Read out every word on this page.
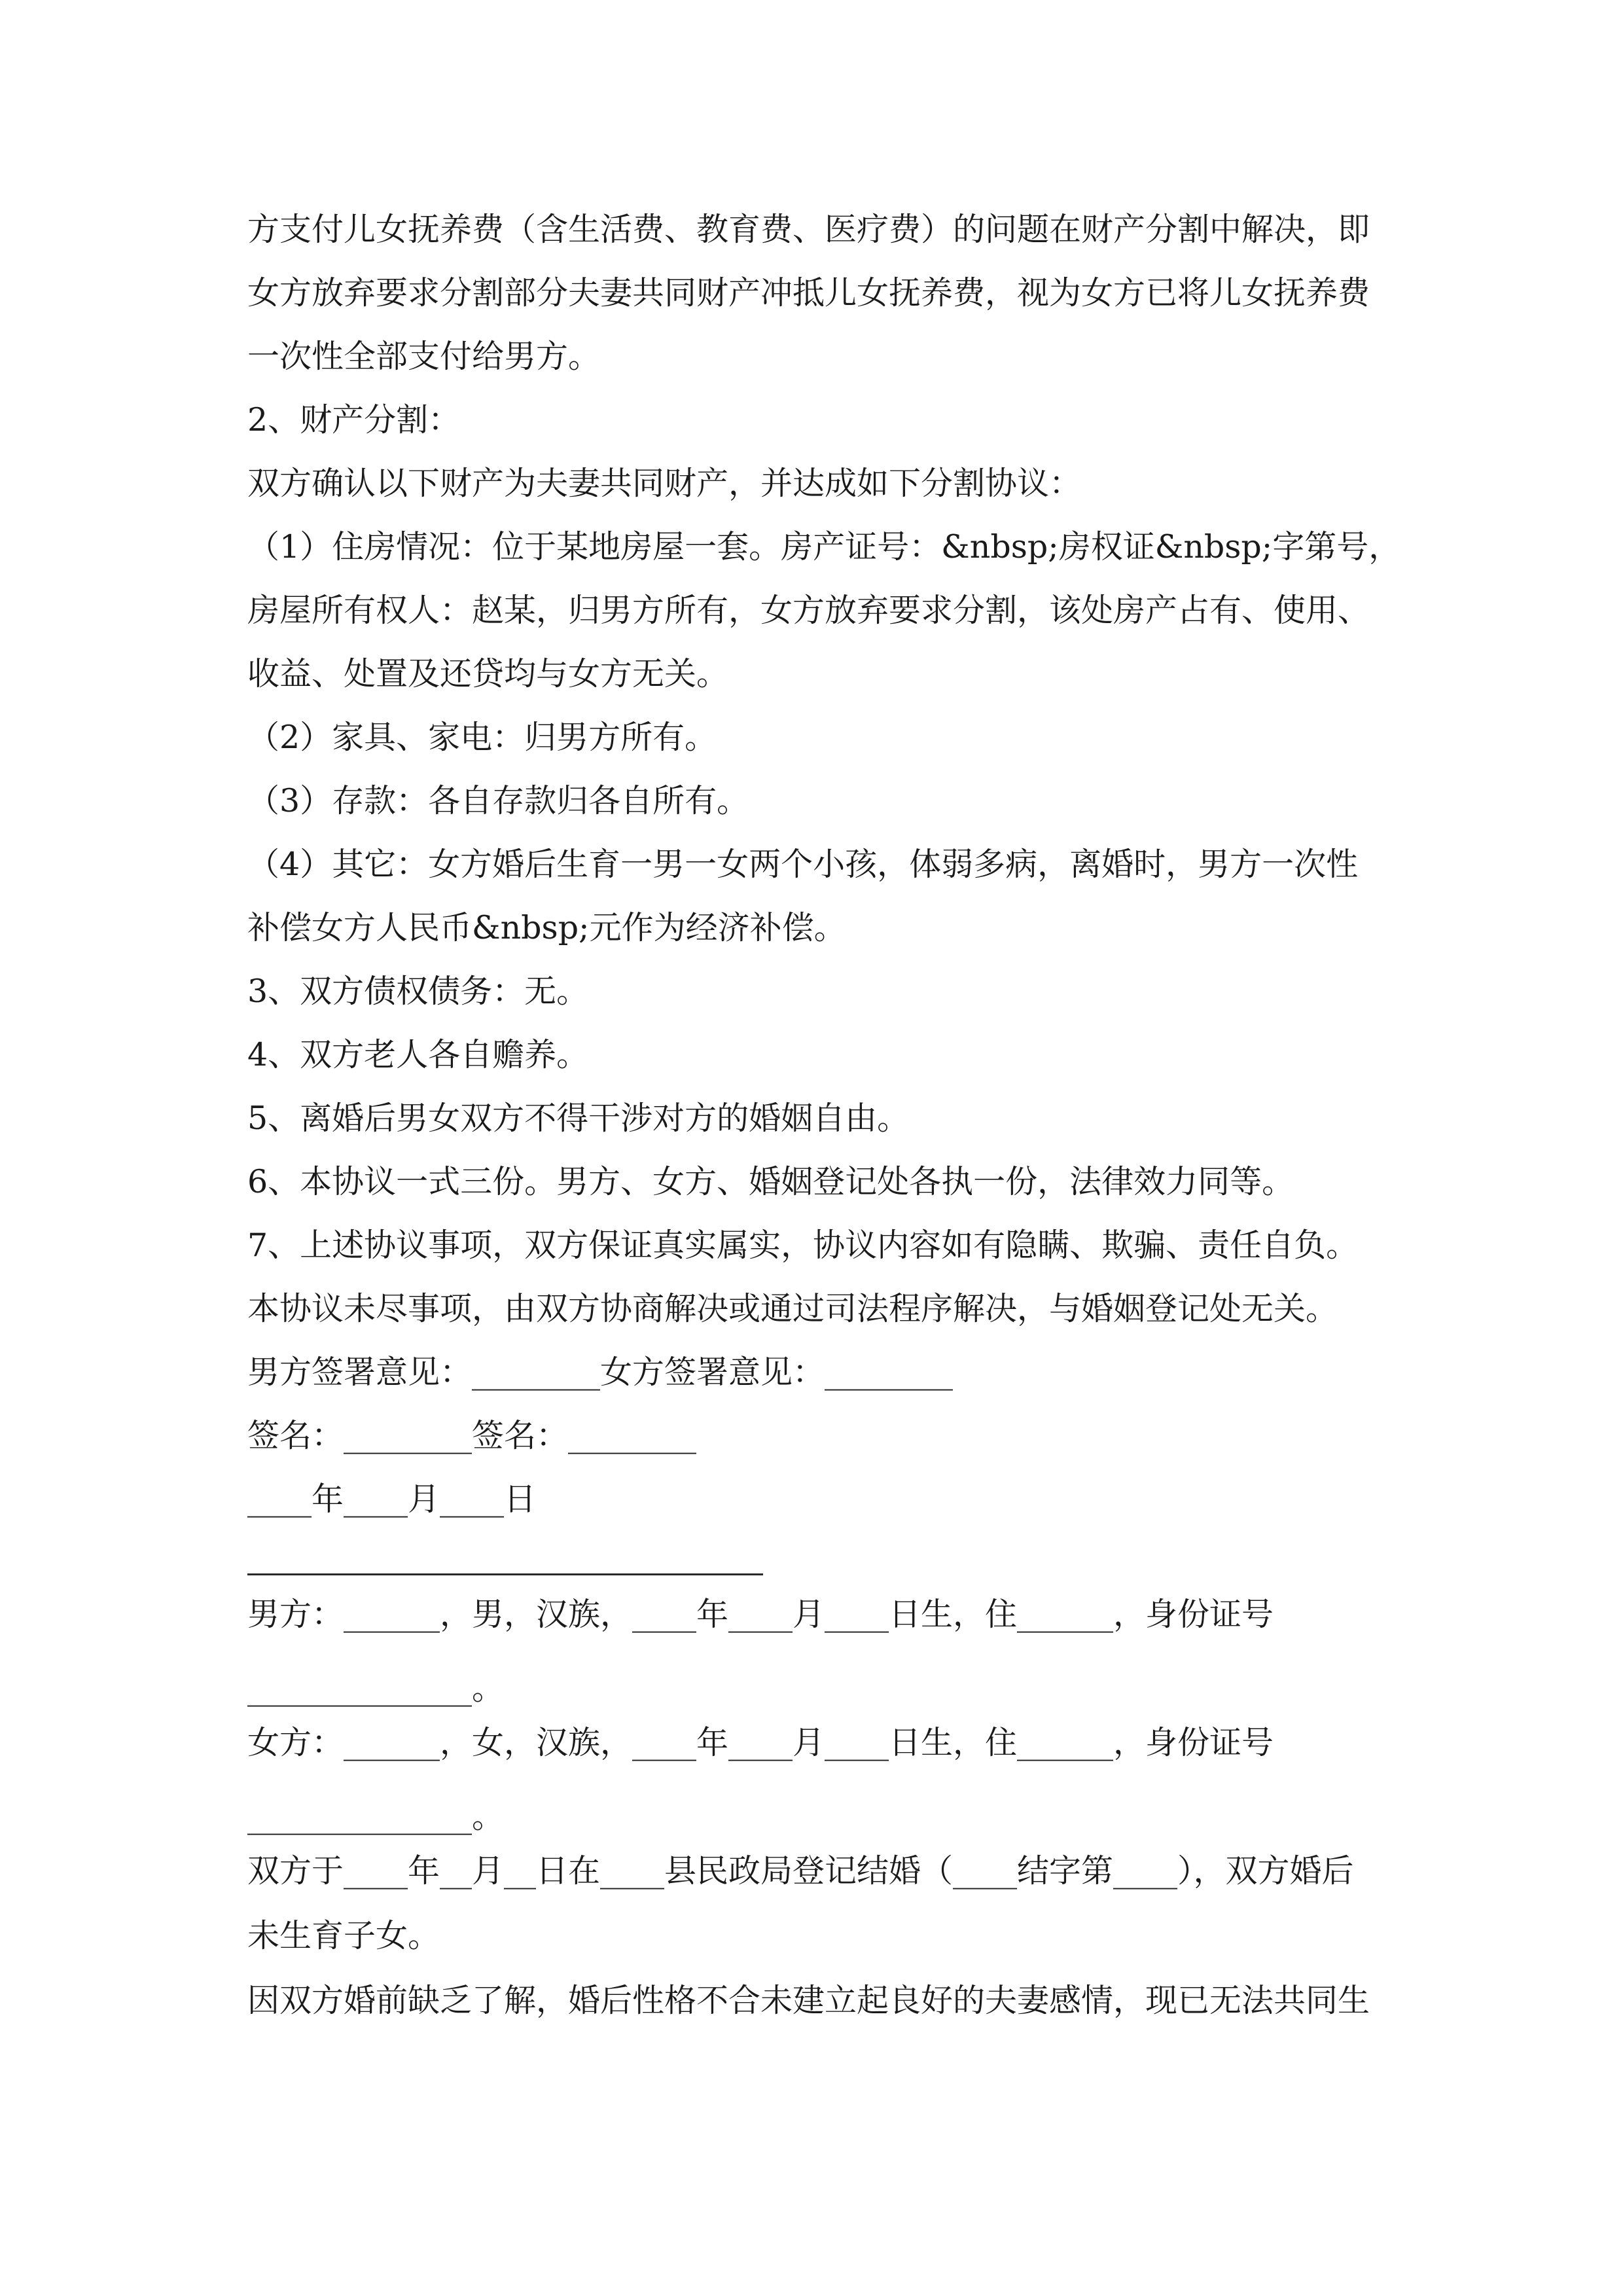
方支付儿女抚养费（含生活费、教育费、医疗费）的问题在财产分割中解决，即

女方放弃要求分割部分夫妻共同财产冲抵儿女抚养费，视为女方已将儿女抚养费

一次性全部支付给男方。

2、财产分割：

双方确认以下财产为夫妻共同财产，并达成如下分割协议：

（1）住房情况：位于某地房屋一套。房产证号：&nbsp;房权证&nbsp;字第号，

房屋所有权人：赵某，归男方所有，女方放弃要求分割，该处房产占有、使用、

收益、处置及还贷均与女方无关。

（2）家具、家电：归男方所有。

（3）存款：各自存款归各自所有。

（4）其它：女方婚后生育一男一女两个小孩，体弱多病，离婚时，男方一次性

补偿女方人民币&nbsp;元作为经济补偿。

3、双方债权债务：无。

4、双方老人各自赡养。

5、离婚后男女双方不得干涉对方的婚姻自由。

6、本协议一式三份。男方、女方、婚姻登记处各执一份，法律效力同等。

7、上述协议事项，双方保证真实属实，协议内容如有隐瞒、欺骗、责任自负。

本协议未尽事项，由双方协商解决或通过司法程序解决，与婚姻登记处无关。

男方签署意见：________女方签署意见：________

签名：________签名：________

____年____月____日

男方：______，男，汉族，____年____月____日生，住______，身份证号

______________。

女方：______，女，汉族，____年____月____日生，住______，身份证号

______________。

双方于____年__月__日在____县民政局登记结婚（____结字第____），双方婚后

未生育子女。

因双方婚前缺乏了解，婚后性格不合未建立起良好的夫妻感情，现已无法共同生
